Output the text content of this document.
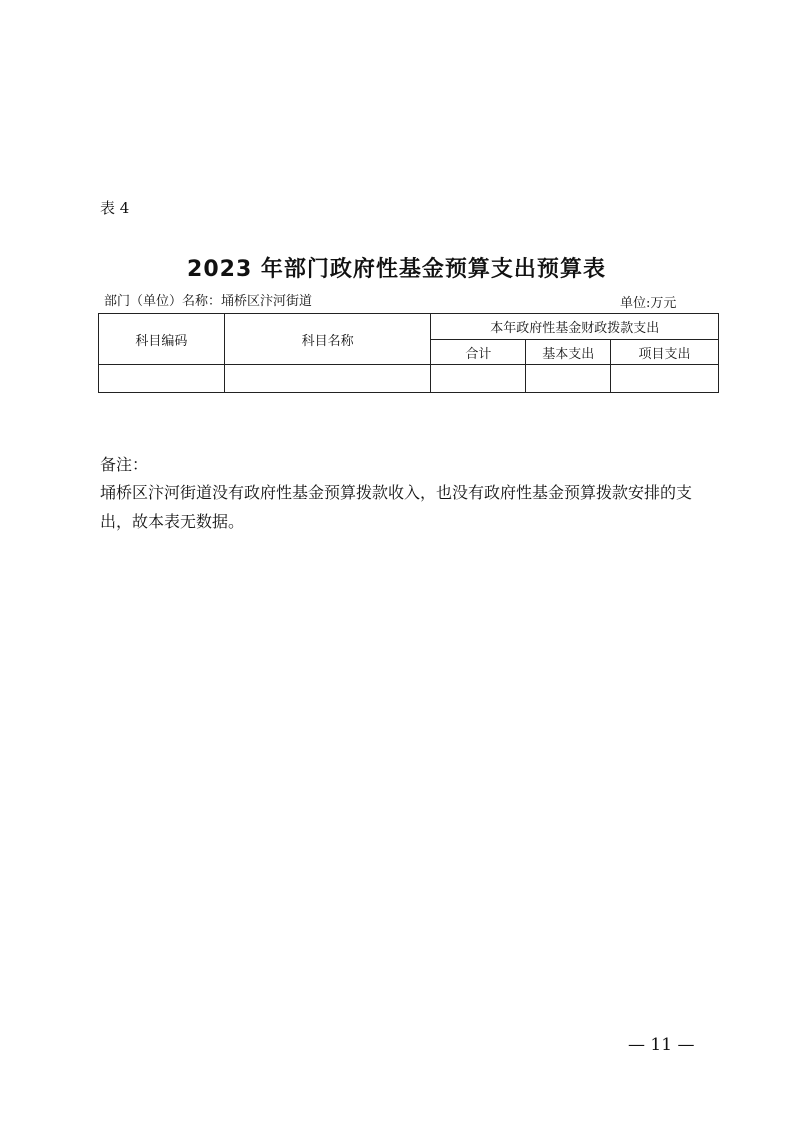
表 4
2023 年部门政府性基金预算支出预算表
部门（单位）名称：埇桥区汴河街道	单位:万元
科目编码	科目名称	本年政府性基金财政拨款支出		
		合计	基本支出	项目支出

备注：
埇桥区汴河街道没有政府性基金预算拨款收入，也没有政府性基金预算拨款安排的支出，故本表无数据。
— 11 —
